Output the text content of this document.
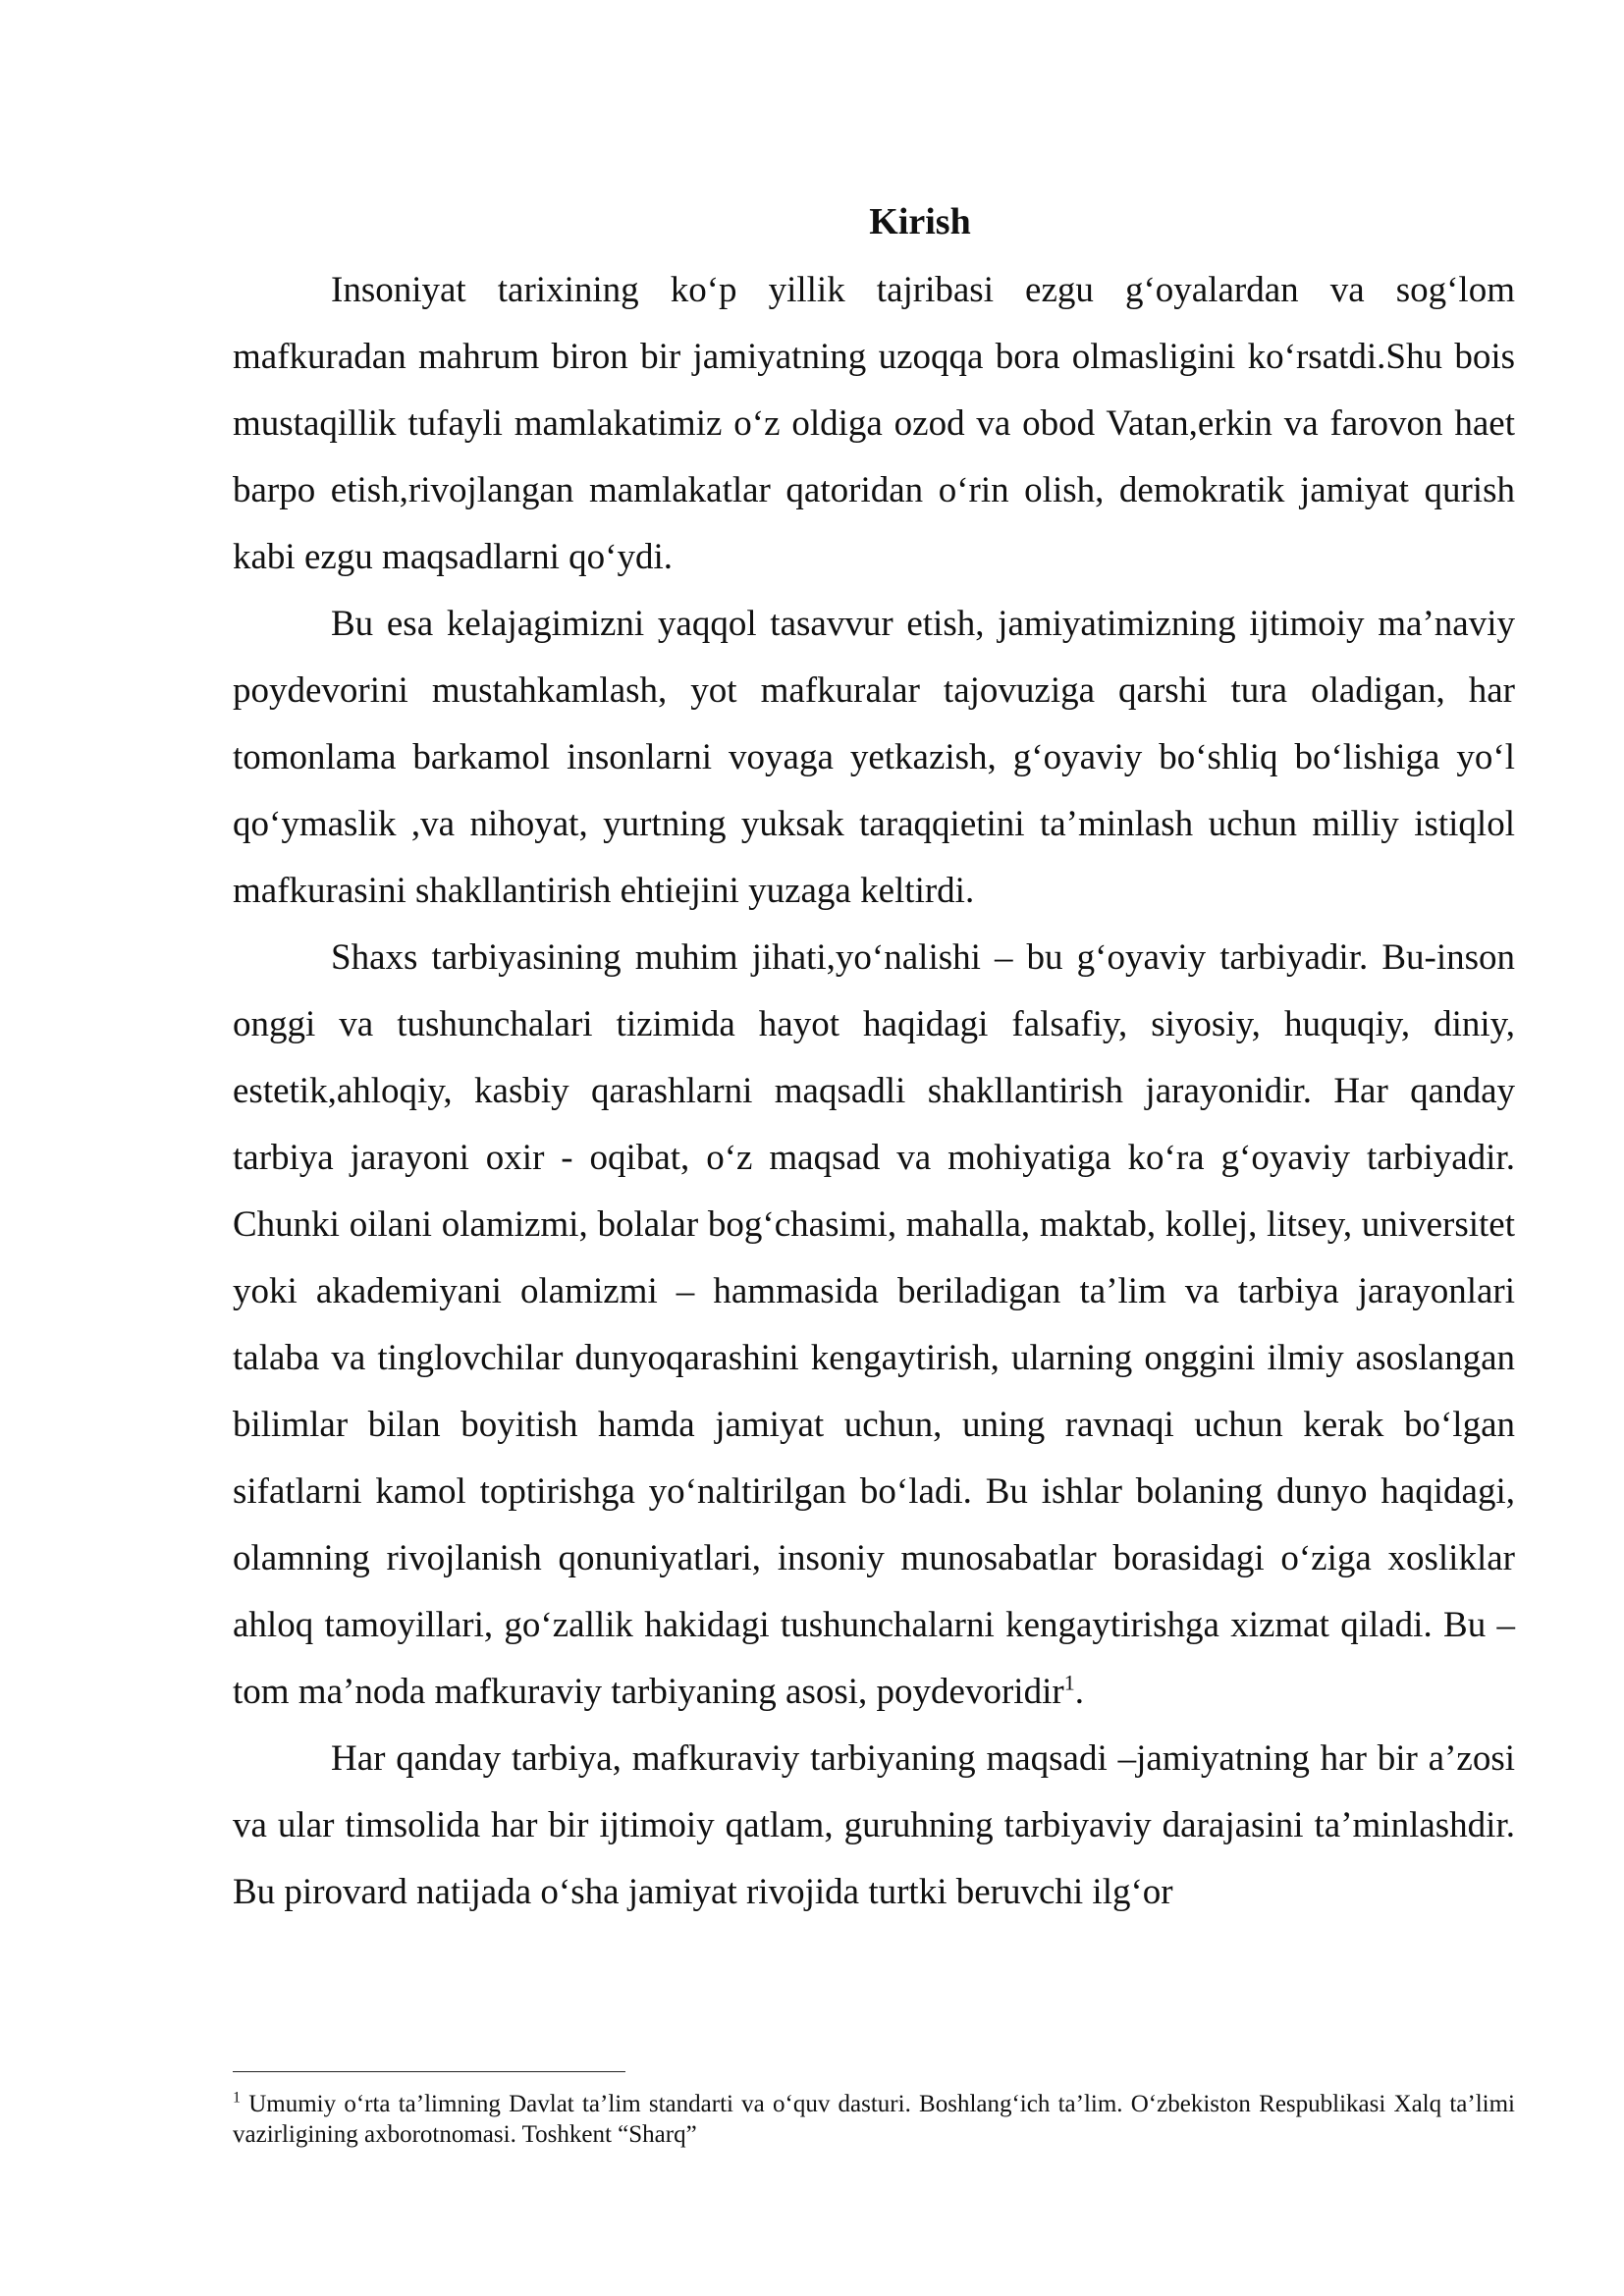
Kirish

Insoniyat tarixining ko‘p yillik tajribasi ezgu g‘oyalardan va sog‘lom mafkuradan mahrum biron bir jamiyatning uzoqqa bora olmasligini ko‘rsatdi.Shu bois mustaqillik tufayli mamlakatimiz o‘z oldiga ozod va obod Vatan,erkin va farovon haet barpo etish,rivojlangan mamlakatlar qatoridan o‘rin olish, demokratik jamiyat qurish kabi ezgu maqsadlarni qo‘ydi.

Bu esa kelajagimizni yaqqol tasavvur etish, jamiyatimizning ijtimoiy ma’naviy poydevorini mustahkamlash, yot mafkuralar tajovuziga qarshi tura oladigan, har tomonlama barkamol insonlarni voyaga yetkazish, g‘oyaviy bo‘shliq bo‘lishiga yo‘l qo‘ymaslik ,va nihoyat, yurtning yuksak taraqqietini ta’minlash uchun milliy istiqlol mafkurasini shakllantirish ehtiejini yuzaga keltirdi.

Shaxs tarbiyasining muhim jihati,yo‘nalishi – bu g‘oyaviy tarbiyadir. Bu-inson onggi va tushunchalari tizimida hayot haqidagi falsafiy, siyosiy, huquqiy, diniy, estetik,ahloqiy, kasbiy qarashlarni maqsadli shakllantirish jarayonidir. Har qanday tarbiya jarayoni oxir - oqibat, o‘z maqsad va mohiyatiga ko‘ra g‘oyaviy tarbiyadir. Chunki oilani olamizmi, bolalar bog‘chasimi, mahalla, maktab, kollej, litsey, universitet yoki akademiyani olamizmi – hammasida beriladigan ta’lim va tarbiya jarayonlari talaba va tinglovchilar dunyoqarashini kengaytirish, ularning onggini ilmiy asoslangan bilimlar bilan boyitish hamda jamiyat uchun, uning ravnaqi uchun kerak bo‘lgan sifatlarni kamol toptirishga yo‘naltirilgan bo‘ladi. Bu ishlar bolaning dunyo haqidagi, olamning rivojlanish qonuniyatlari, insoniy munosabatlar borasidagi o‘ziga xosliklar ahloq tamoyillari, go‘zallik hakidagi tushunchalarni kengaytirishga xizmat qiladi. Bu – tom ma’noda mafkuraviy tarbiyaning asosi, poydevoridir$^1$.

Har qanday tarbiya, mafkuraviy tarbiyaning maqsadi –jamiyatning har bir a’zosi va ular timsolida har bir ijtimoiy qatlam, guruhning tarbiyaviy darajasini ta’minlashdir. Bu pirovard natijada o‘sha jamiyat rivojida turtki beruvchi ilg‘or

$^1$ Umumiy o‘rta ta’limning Davlat ta’lim standarti va o‘quv dasturi. Boshlang‘ich ta’lim. O‘zbekiston Respublikasi Xalq ta’limi vazirligining axborotnomasi. Toshkent “Sharq”
